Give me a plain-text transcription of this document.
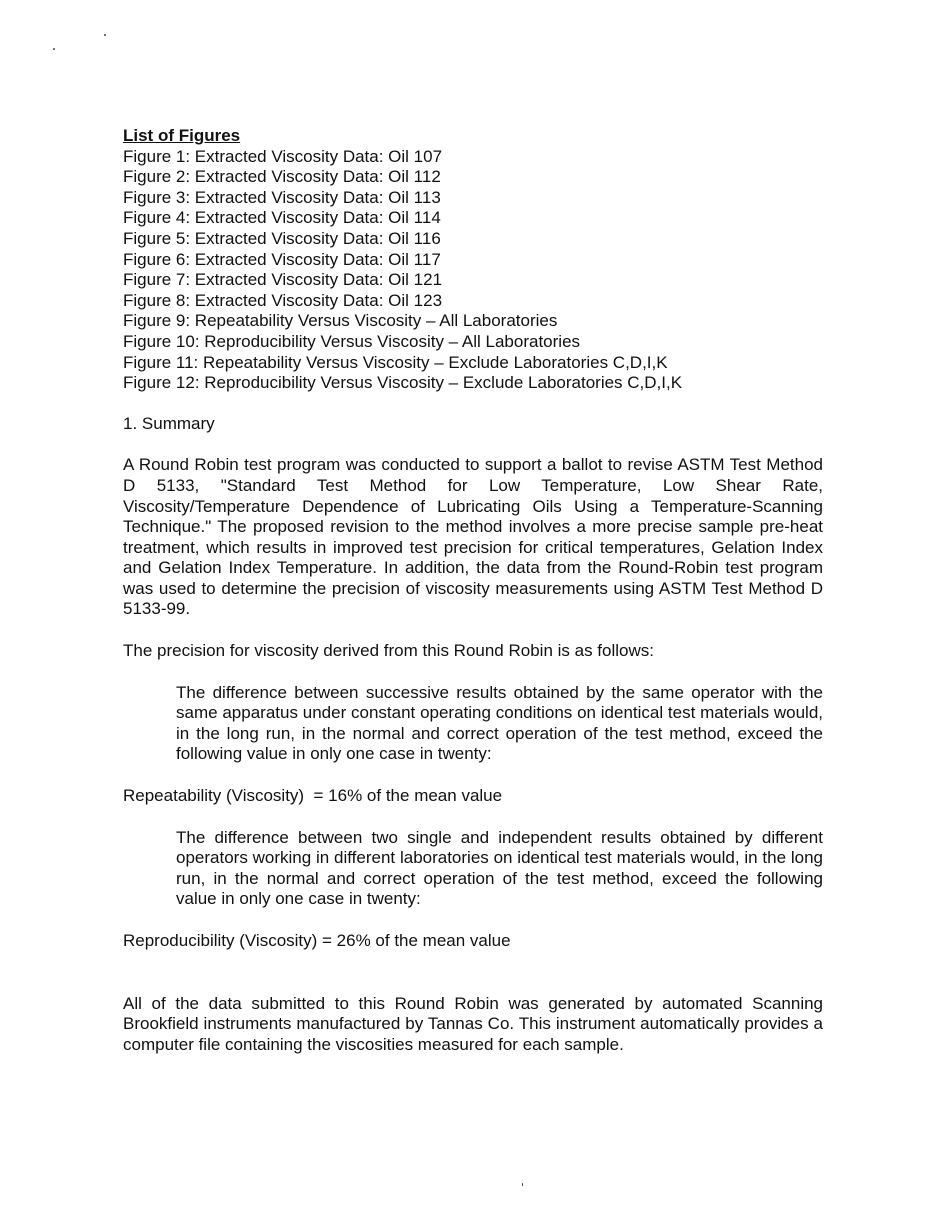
List of Figures
Figure 1: Extracted Viscosity Data: Oil 107
Figure 2: Extracted Viscosity Data: Oil 112
Figure 3: Extracted Viscosity Data: Oil 113
Figure 4: Extracted Viscosity Data: Oil 114
Figure 5: Extracted Viscosity Data: Oil 116
Figure 6: Extracted Viscosity Data: Oil 117
Figure 7: Extracted Viscosity Data: Oil 121
Figure 8: Extracted Viscosity Data: Oil 123
Figure 9: Repeatability Versus Viscosity – All Laboratories
Figure 10: Reproducibility Versus Viscosity – All Laboratories
Figure 11: Repeatability Versus Viscosity – Exclude Laboratories C,D,I,K
Figure 12: Reproducibility Versus Viscosity – Exclude Laboratories C,D,I,K
1. Summary

A Round Robin test program was conducted to support a ballot to revise ASTM Test Method D 5133, "Standard Test Method for Low Temperature, Low Shear Rate, Viscosity/Temperature Dependence of Lubricating Oils Using a Temperature-Scanning Technique." The proposed revision to the method involves a more precise sample pre-heat treatment, which results in improved test precision for critical temperatures, Gelation Index and Gelation Index Temperature. In addition, the data from the Round-Robin test program was used to determine the precision of viscosity measurements using ASTM Test Method D 5133-99.

The precision for viscosity derived from this Round Robin is as follows:

The difference between successive results obtained by the same operator with the same apparatus under constant operating conditions on identical test materials would, in the long run, in the normal and correct operation of the test method, exceed the following value in only one case in twenty:

Repeatability (Viscosity)  = 16% of the mean value

The difference between two single and independent results obtained by different operators working in different laboratories on identical test materials would, in the long run, in the normal and correct operation of the test method, exceed the following value in only one case in twenty:

Reproducibility (Viscosity) = 26% of the mean value

All of the data submitted to this Round Robin was generated by automated Scanning Brookfield instruments manufactured by Tannas Co. This instrument automatically provides a computer file containing the viscosities measured for each sample.
